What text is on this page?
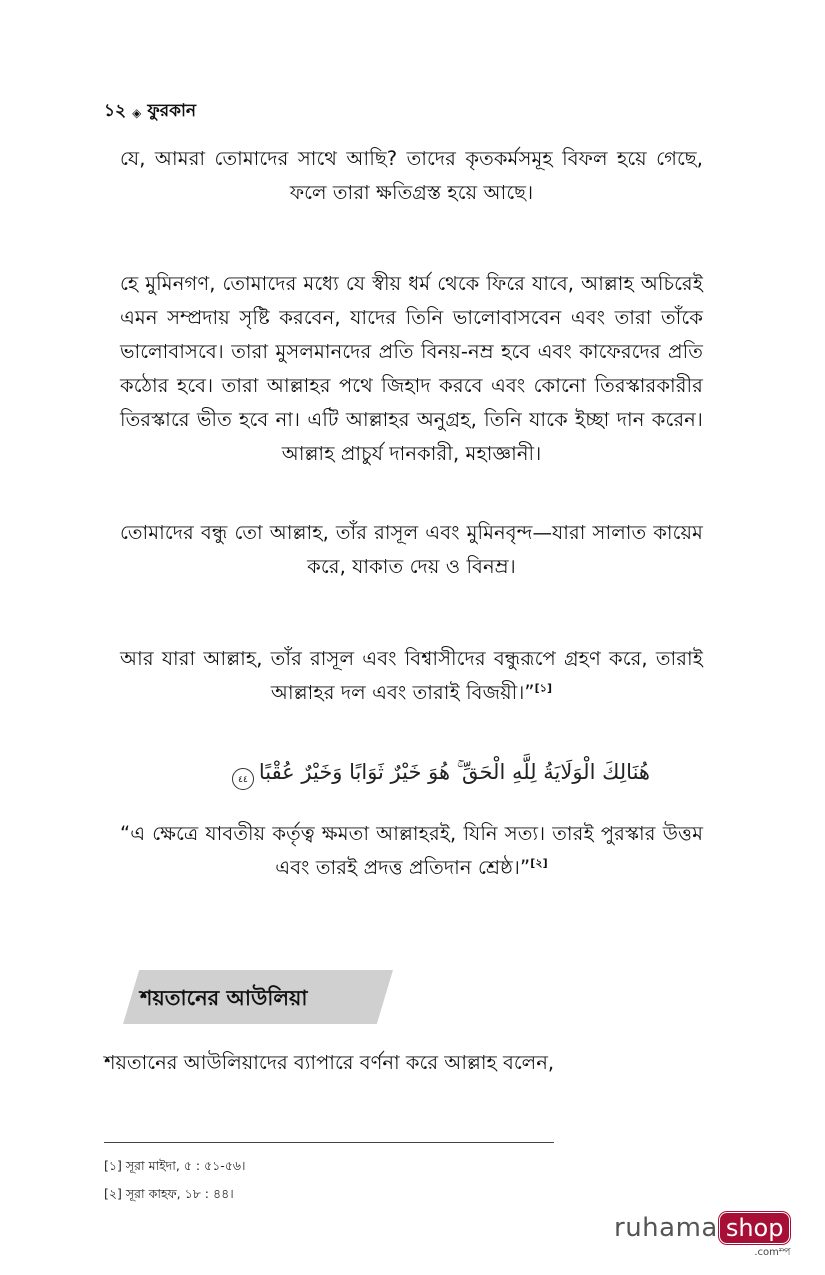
১২ ◈ ফুরকান
যে, আমরা তোমাদের সাথে আছি? তাদের কৃতকর্মসমূহ বিফল হয়ে গেছে, ফলে তারা ক্ষতিগ্রস্ত হয়ে আছে।
হে মুমিনগণ, তোমাদের মধ্যে যে স্বীয় ধর্ম থেকে ফিরে যাবে, আল্লাহ অচিরেই এমন সম্প্রদায় সৃষ্টি করবেন, যাদের তিনি ভালোবাসবেন এবং তারা তাঁকে ভালোবাসবে। তারা মুসলমানদের প্রতি বিনয়-নম্র হবে এবং কাফেরদের প্রতি কঠোর হবে। তারা আল্লাহর পথে জিহাদ করবে এবং কোনো তিরস্কারকারীর তিরস্কারে ভীত হবে না। এটি আল্লাহর অনুগ্রহ, তিনি যাকে ইচ্ছা দান করেন। আল্লাহ প্রাচুর্য দানকারী, মহাজ্ঞানী।
তোমাদের বন্ধু তো আল্লাহ, তাঁর রাসূল এবং মুমিনবৃন্দ—যারা সালাত কায়েম করে, যাকাত দেয় ও বিনম্র।
আর যারা আল্লাহ, তাঁর রাসূল এবং বিশ্বাসীদের বন্ধুরূপে গ্রহণ করে, তারাই আল্লাহর দল এবং তারাই বিজয়ী।”[১]
هُنَالِكَ الْوَلَايَةُ لِلَّهِ الْحَقِّ ۚ هُوَ خَيْرٌ ثَوَابًا وَخَيْرٌ عُقْبًا
٤٤
“এ ক্ষেত্রে যাবতীয় কর্তৃত্ব ক্ষমতা আল্লাহরই, যিনি সত্য। তারই পুরস্কার উত্তম এবং তারই প্রদত্ত প্রতিদান শ্রেষ্ঠ।”[২]
শয়তানের আউলিয়া
শয়তানের আউলিয়াদের ব্যাপারে বর্ণনা করে আল্লাহ বলেন,
[১] সূরা মাইদা, ৫ : ৫১-৫৬।
[২] সূরা কাহফ, ১৮ : ৪৪।
ruhama shop
.comম্প
